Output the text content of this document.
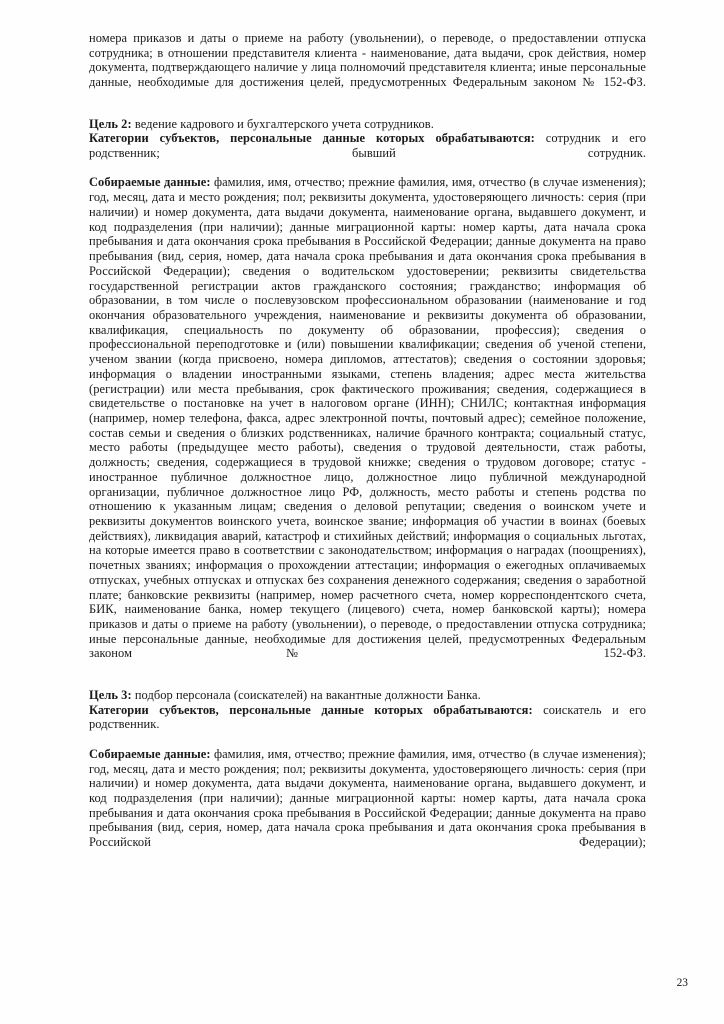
номера приказов и даты о приеме на работу (увольнении), о переводе, о предоставлении отпуска сотрудника; в отношении представителя клиента - наименование, дата выдачи, срок действия, номер документа, подтверждающего наличие у лица полномочий представителя клиента; иные персональные данные, необходимые для достижения целей, предусмотренных Федеральным законом № 152-ФЗ.

Цель 2: ведение кадрового и бухгалтерского учета сотрудников.

Категории субъектов, персональные данные которых обрабатываются: сотрудник и его родственник; бывший сотрудник.

Собираемые данные: фамилия, имя, отчество; прежние фамилия, имя, отчество (в случае изменения); год, месяц, дата и место рождения; пол; реквизиты документа, удостоверяющего личность: серия (при наличии) и номер документа, дата выдачи документа, наименование органа, выдавшего документ, и код подразделения (при наличии); данные миграционной карты: номер карты, дата начала срока пребывания и дата окончания срока пребывания в Российской Федерации; данные документа на право пребывания (вид, серия, номер, дата начала срока пребывания и дата окончания срока пребывания в Российской Федерации); сведения о водительском удостоверении; реквизиты свидетельства государственной регистрации актов гражданского состояния; гражданство; информация об образовании, в том числе о послевузовском профессиональном образовании (наименование и год окончания образовательного учреждения, наименование и реквизиты документа об образовании, квалификация, специальность по документу об образовании, профессия); сведения о профессиональной переподготовке и (или) повышении квалификации; сведения об ученой степени, ученом звании (когда присвоено, номера дипломов, аттестатов); сведения о состоянии здоровья; информация о владении иностранными языками, степень владения; адрес места жительства (регистрации) или места пребывания, срок фактического проживания; сведения, содержащиеся в свидетельстве о постановке на учет в налоговом органе (ИНН); СНИЛС; контактная информация (например, номер телефона, факса, адрес электронной почты, почтовый адрес); семейное положение, состав семьи и сведения о близких родственниках, наличие брачного контракта; социальный статус, место работы (предыдущее место работы), сведения о трудовой деятельности, стаж работы, должность; сведения, содержащиеся в трудовой книжке; сведения о трудовом договоре; статус - иностранное публичное должностное лицо, должностное лицо публичной международной организации, публичное должностное лицо РФ, должность, место работы и степень родства по отношению к указанным лицам; сведения о деловой репутации; сведения о воинском учете и реквизиты документов воинского учета, воинское звание; информация об участии в воинах (боевых действиях), ликвидация аварий, катастроф и стихийных действий; информация о социальных льготах, на которые имеется право в соответствии с законодательством; информация о наградах (поощрениях), почетных званиях; информация о прохождении аттестации; информация о ежегодных оплачиваемых отпусках, учебных отпусках и отпусках без сохранения денежного содержания; сведения о заработной плате; банковские реквизиты (например, номер расчетного счета, номер корреспондентского счета, БИК, наименование банка, номер текущего (лицевого) счета, номер банковской карты); номера приказов и даты о приеме на работу (увольнении), о переводе, о предоставлении отпуска сотрудника; иные персональные данные, необходимые для достижения целей, предусмотренных Федеральным законом № 152-ФЗ.

Цель 3: подбор персонала (соискателей) на вакантные должности Банка.

Категории субъектов, персональные данные которых обрабатываются: соискатель и его родственник.

Собираемые данные: фамилия, имя, отчество; прежние фамилия, имя, отчество (в случае изменения); год, месяц, дата и место рождения; пол; реквизиты документа, удостоверяющего личность: серия (при наличии) и номер документа, дата выдачи документа, наименование органа, выдавшего документ, и код подразделения (при наличии); данные миграционной карты: номер карты, дата начала срока пребывания и дата окончания срока пребывания в Российской Федерации; данные документа на право пребывания (вид, серия, номер, дата начала срока пребывания и дата окончания срока пребывания в Российской Федерации);

23
